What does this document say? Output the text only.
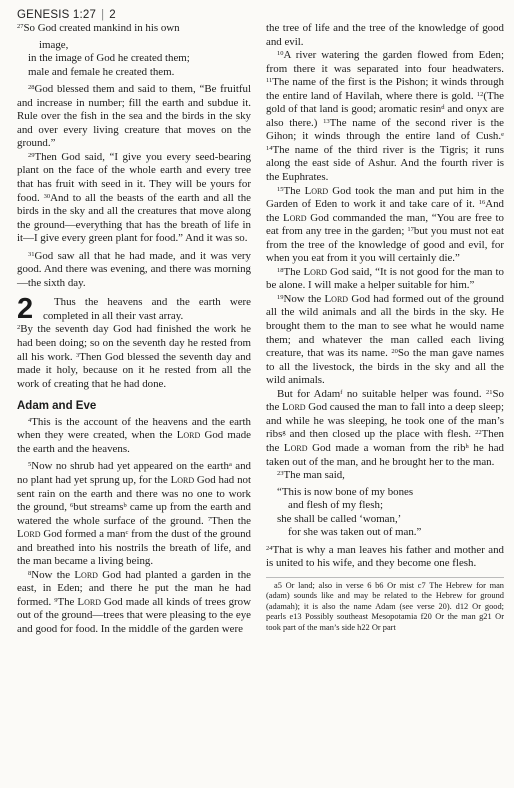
GENESIS 1:27 | 2

$^{27}$So God created mankind in his own

image,
in the image of God he created them;
male and female he created them.

$^{28}$God blessed them and said to them, “Be fruitful and increase in number; fill the earth and subdue it. Rule over the fish in the sea and the birds in the sky and over every living creature that moves on the ground.”

$^{29}$Then God said, “I give you every seed-bearing plant on the face of the whole earth and every tree that has fruit with seed in it. They will be yours for food. $^{30}$And to all the beasts of the earth and all the birds in the sky and all the creatures that move along the ground—everything that has the breath of life in it—I give every green plant for food.” And it was so.

$^{31}$God saw all that he had made, and it was very good. And there was evening, and there was morning—the sixth day.

2	Thus the heavens and the earth were completed in all their vast array.

$^2$By the seventh day God had finished the work he had been doing; so on the seventh day he rested from all his work. $^3$Then God blessed the seventh day and made it holy, because on it he rested from all the work of creating that he had done.

Adam and Eve

$^4$This is the account of the heavens and the earth when they were created, when the Lord God made the earth and the heavens.

$^5$Now no shrub had yet appeared on the earth$^a$ and no plant had yet sprung up, for the Lord God had not sent rain on the earth and there was no one to work the ground, $^6$but streams$^b$ came up from the earth and watered the whole surface of the ground. $^7$Then the Lord God formed a man$^c$ from the dust of the ground and breathed into his nostrils the breath of life, and the man became a living being.

$^8$Now the Lord God had planted a garden in the east, in Eden; and there he put the man he had formed. $^9$The Lord God made all kinds of trees grow out of the ground—trees that were pleasing to the eye and good for food. In the middle of the garden were

the tree of life and the tree of the knowledge of good and evil.

$^{10}$A river watering the garden flowed from Eden; from there it was separated into four headwaters. $^{11}$The name of the first is the Pishon; it winds through the entire land of Havilah, where there is gold. $^{12}$(The gold of that land is good; aromatic resin$^d$ and onyx are also there.) $^{13}$The name of the second river is the Gihon; it winds through the entire land of Cush.$^e$ $^{14}$The name of the third river is the Tigris; it runs along the east side of Ashur. And the fourth river is the Euphrates.

$^{15}$The Lord God took the man and put him in the Garden of Eden to work it and take care of it. $^{16}$And the Lord God commanded the man, “You are free to eat from any tree in the garden; $^{17}$but you must not eat from the tree of the knowledge of good and evil, for when you eat from it you will certainly die.”

$^{18}$The Lord God said, “It is not good for the man to be alone. I will make a helper suitable for him.”

$^{19}$Now the Lord God had formed out of the ground all the wild animals and all the birds in the sky. He brought them to the man to see what he would name them; and whatever the man called each living creature, that was its name. $^{20}$So the man gave names to all the livestock, the birds in the sky and all the wild animals.

But for Adam$^f$ no suitable helper was found. $^{21}$So the Lord God caused the man to fall into a deep sleep; and while he was sleeping, he took one of the man’s ribs$^g$ and then closed up the place with flesh. $^{22}$Then the Lord God made a woman from the rib$^h$ he had taken out of the man, and he brought her to the man.

$^{23}$The man said,

“This is now bone of my bones
and flesh of my flesh;
she shall be called ‘woman,’
for she was taken out of man.”

$^{24}$That is why a man leaves his father and mother and is united to his wife, and they become one flesh.

a5 Or land; also in verse 6 b6 Or mist c7 The Hebrew for man (adam) sounds like and may be related to the Hebrew for ground (adamah); it is also the name Adam (see verse 20). d12 Or good; pearls e13 Possibly southeast Mesopotamia f20 Or the man g21 Or took part of the man’s side h22 Or part
